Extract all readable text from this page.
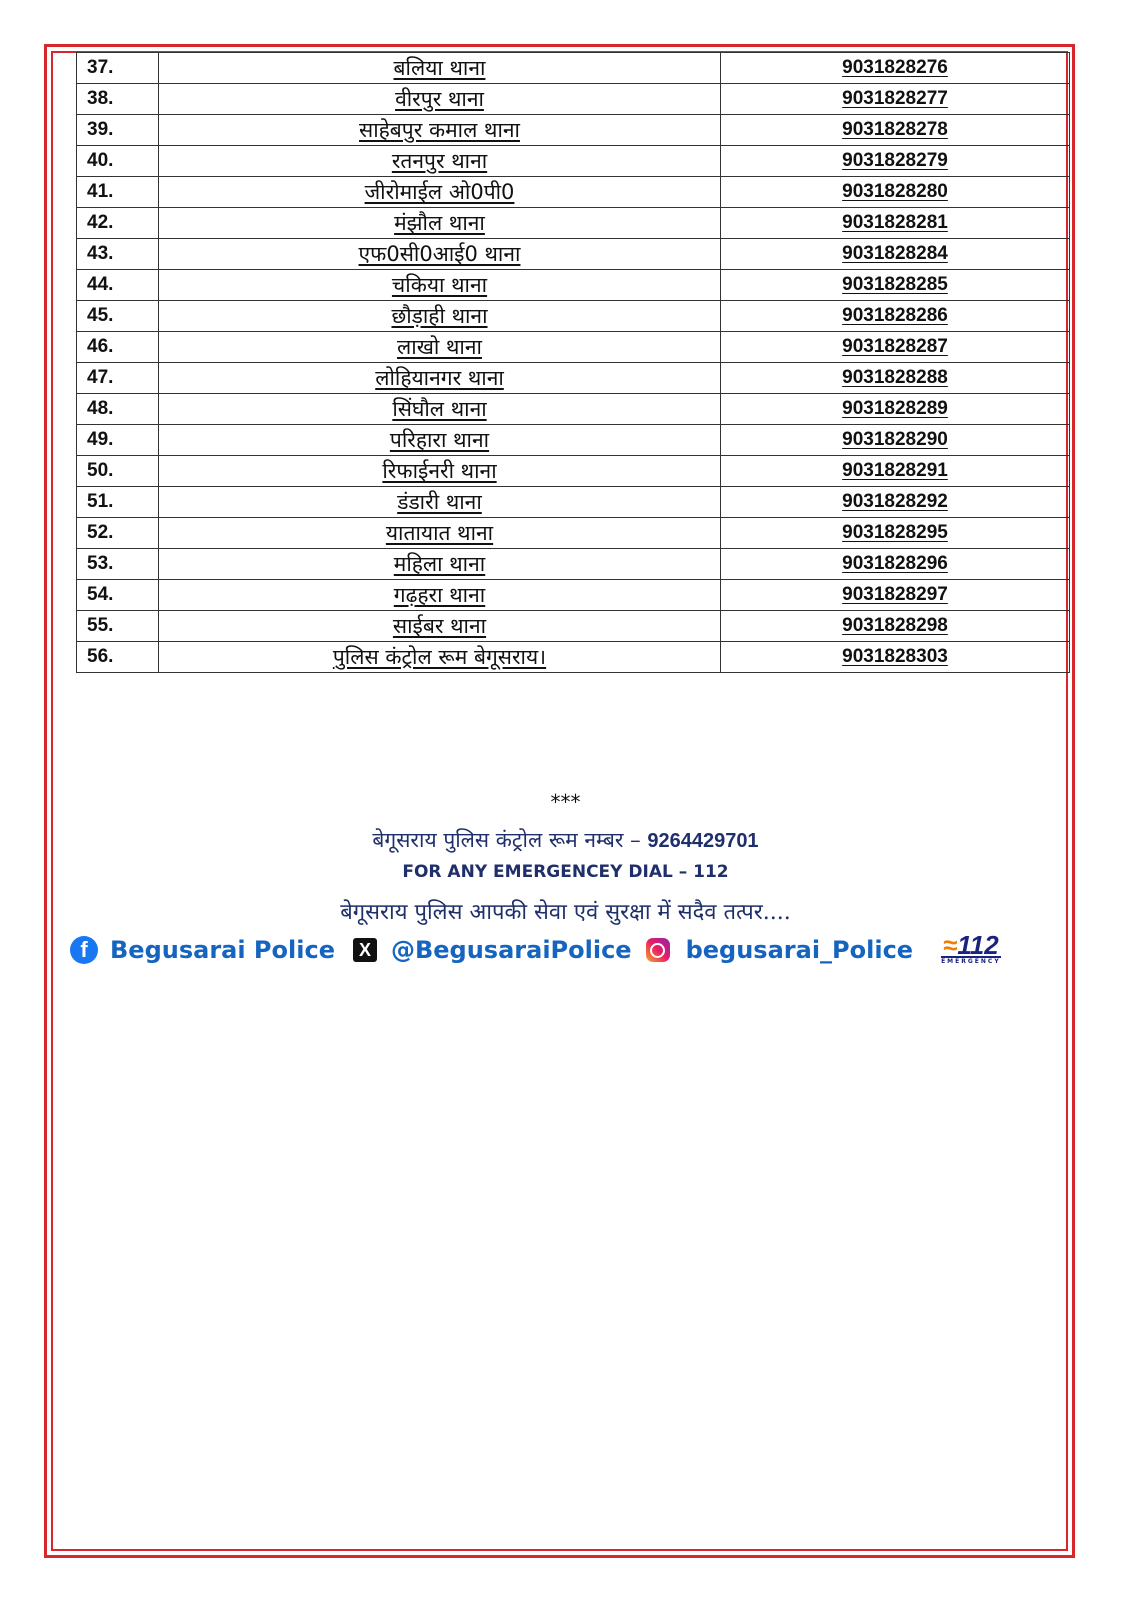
37.	बलिया थाना	9031828276
38.	वीरपुर थाना	9031828277
39.	साहेबपुर कमाल थाना	9031828278
40.	रतनपुर थाना	9031828279
41.	जीरोमाईल ओ0पी0	9031828280
42.	मंझौल थाना	9031828281
43.	एफ0सी0आई0 थाना	9031828284
44.	चकिया थाना	9031828285
45.	छौड़ाही थाना	9031828286
46.	लाखो थाना	9031828287
47.	लोहियानगर थाना	9031828288
48.	सिंघौल थाना	9031828289
49.	परिहारा थाना	9031828290
50.	रिफाईनरी थाना	9031828291
51.	डंडारी थाना	9031828292
52.	यातायात थाना	9031828295
53.	महिला थाना	9031828296
54.	गढ़हरा थाना	9031828297
55.	साईबर थाना	9031828298
56.	पुलिस कंट्रोल रूम बेगूसराय।	9031828303
***
बेगूसराय पुलिस कंट्रोल रूम नम्बर – 9264429701
FOR ANY EMERGENCEY DIAL – 112
बेगूसराय पुलिस आपकी सेवा एवं सुरक्षा में सदैव तत्पर....
f Begusarai Police	X @BegusaraiPolice begusarai_Police ≈112
EMERGENCY
